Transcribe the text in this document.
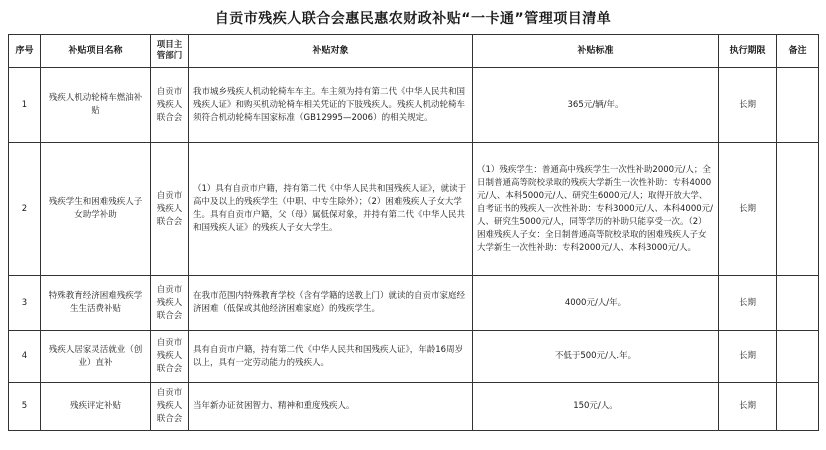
自贡市残疾人联合会惠民惠农财政补贴“一卡通”管理项目清单
序号	补贴项目名称	项目主管部门	补贴对象	补贴标准	执行期限	备注
1	残疾人机动轮椅车燃油补贴	自贡市残疾人联合会	我市城乡残疾人机动轮椅车车主。车主须为持有第二代《中华人民共和国残疾人证》和购买机动轮椅车相关凭证的下肢残疾人。残疾人机动轮椅车须符合机动轮椅车国家标准（GB12995—2006）的相关规定。	365元/辆/年。	长期	
2	残疾学生和困难残疾人子女助学补助	自贡市残疾人联合会	（1）具有自贡市户籍，持有第二代《中华人民共和国残疾人证》，就读于高中及以上的残疾学生（中职、中专生除外）；（2）困难残疾人子女大学生。具有自贡市户籍，父（母）属低保对象，并持有第二代《中华人民共和国残疾人证》的残疾人子女大学生。	（1）残疾学生：普通高中残疾学生一次性补助2000元/人；全日制普通高等院校录取的残疾大学新生一次性补助：专科4000元/人、本科5000元/人、研究生6000元/人；取得开放大学、自考证书的残疾人一次性补助：专科3000元/人、本科4000元/人、研究生5000元/人，同等学历的补助只能享受一次。（2）困难残疾人子女：全日制普通高等院校录取的困难残疾人子女大学新生一次性补助：专科2000元/人、本科3000元/人。	长期	
3	特殊教育经济困难残疾学生生活费补贴	自贡市残疾人联合会	在我市范围内特殊教育学校（含有学籍的送教上门）就读的自贡市家庭经济困难（低保或其他经济困难家庭）的残疾学生。	4000元/人/年。	长期	
4	残疾人居家灵活就业（创业）直补	自贡市残疾人联合会	具有自贡市户籍，持有第二代《中华人民共和国残疾人证》，年龄16周岁以上，具有一定劳动能力的残疾人。	不低于500元/人.年。	长期	
5	残疾评定补贴	自贡市残疾人联合会	当年新办证贫困智力、精神和重度残疾人。	150元/人。	长期	
